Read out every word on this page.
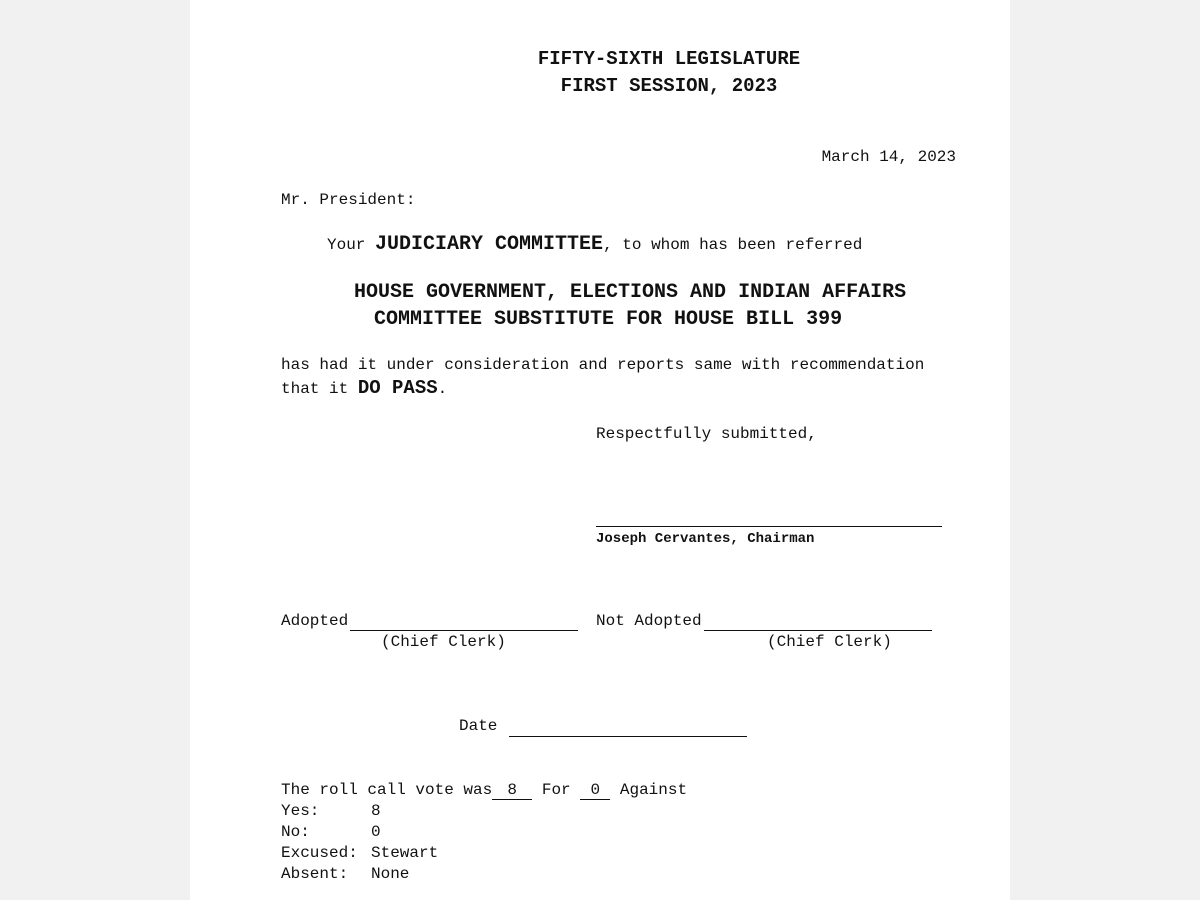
FIFTY-SIXTH LEGISLATURE
FIRST SESSION, 2023
March 14, 2023
Mr. President:
Your JUDICIARY COMMITTEE, to whom has been referred
HOUSE GOVERNMENT, ELECTIONS AND INDIAN AFFAIRS
COMMITTEE SUBSTITUTE FOR HOUSE BILL 399
has had it under consideration and reports same with recommendation
that it DO PASS.
Respectfully submitted,
Joseph Cervantes, Chairman
Adopted
(Chief Clerk)
Not Adopted
(Chief Clerk)
Date
The roll call vote was 8 For 0 Against
Yes:	8
No:	0
Excused: Stewart
Absent: None
